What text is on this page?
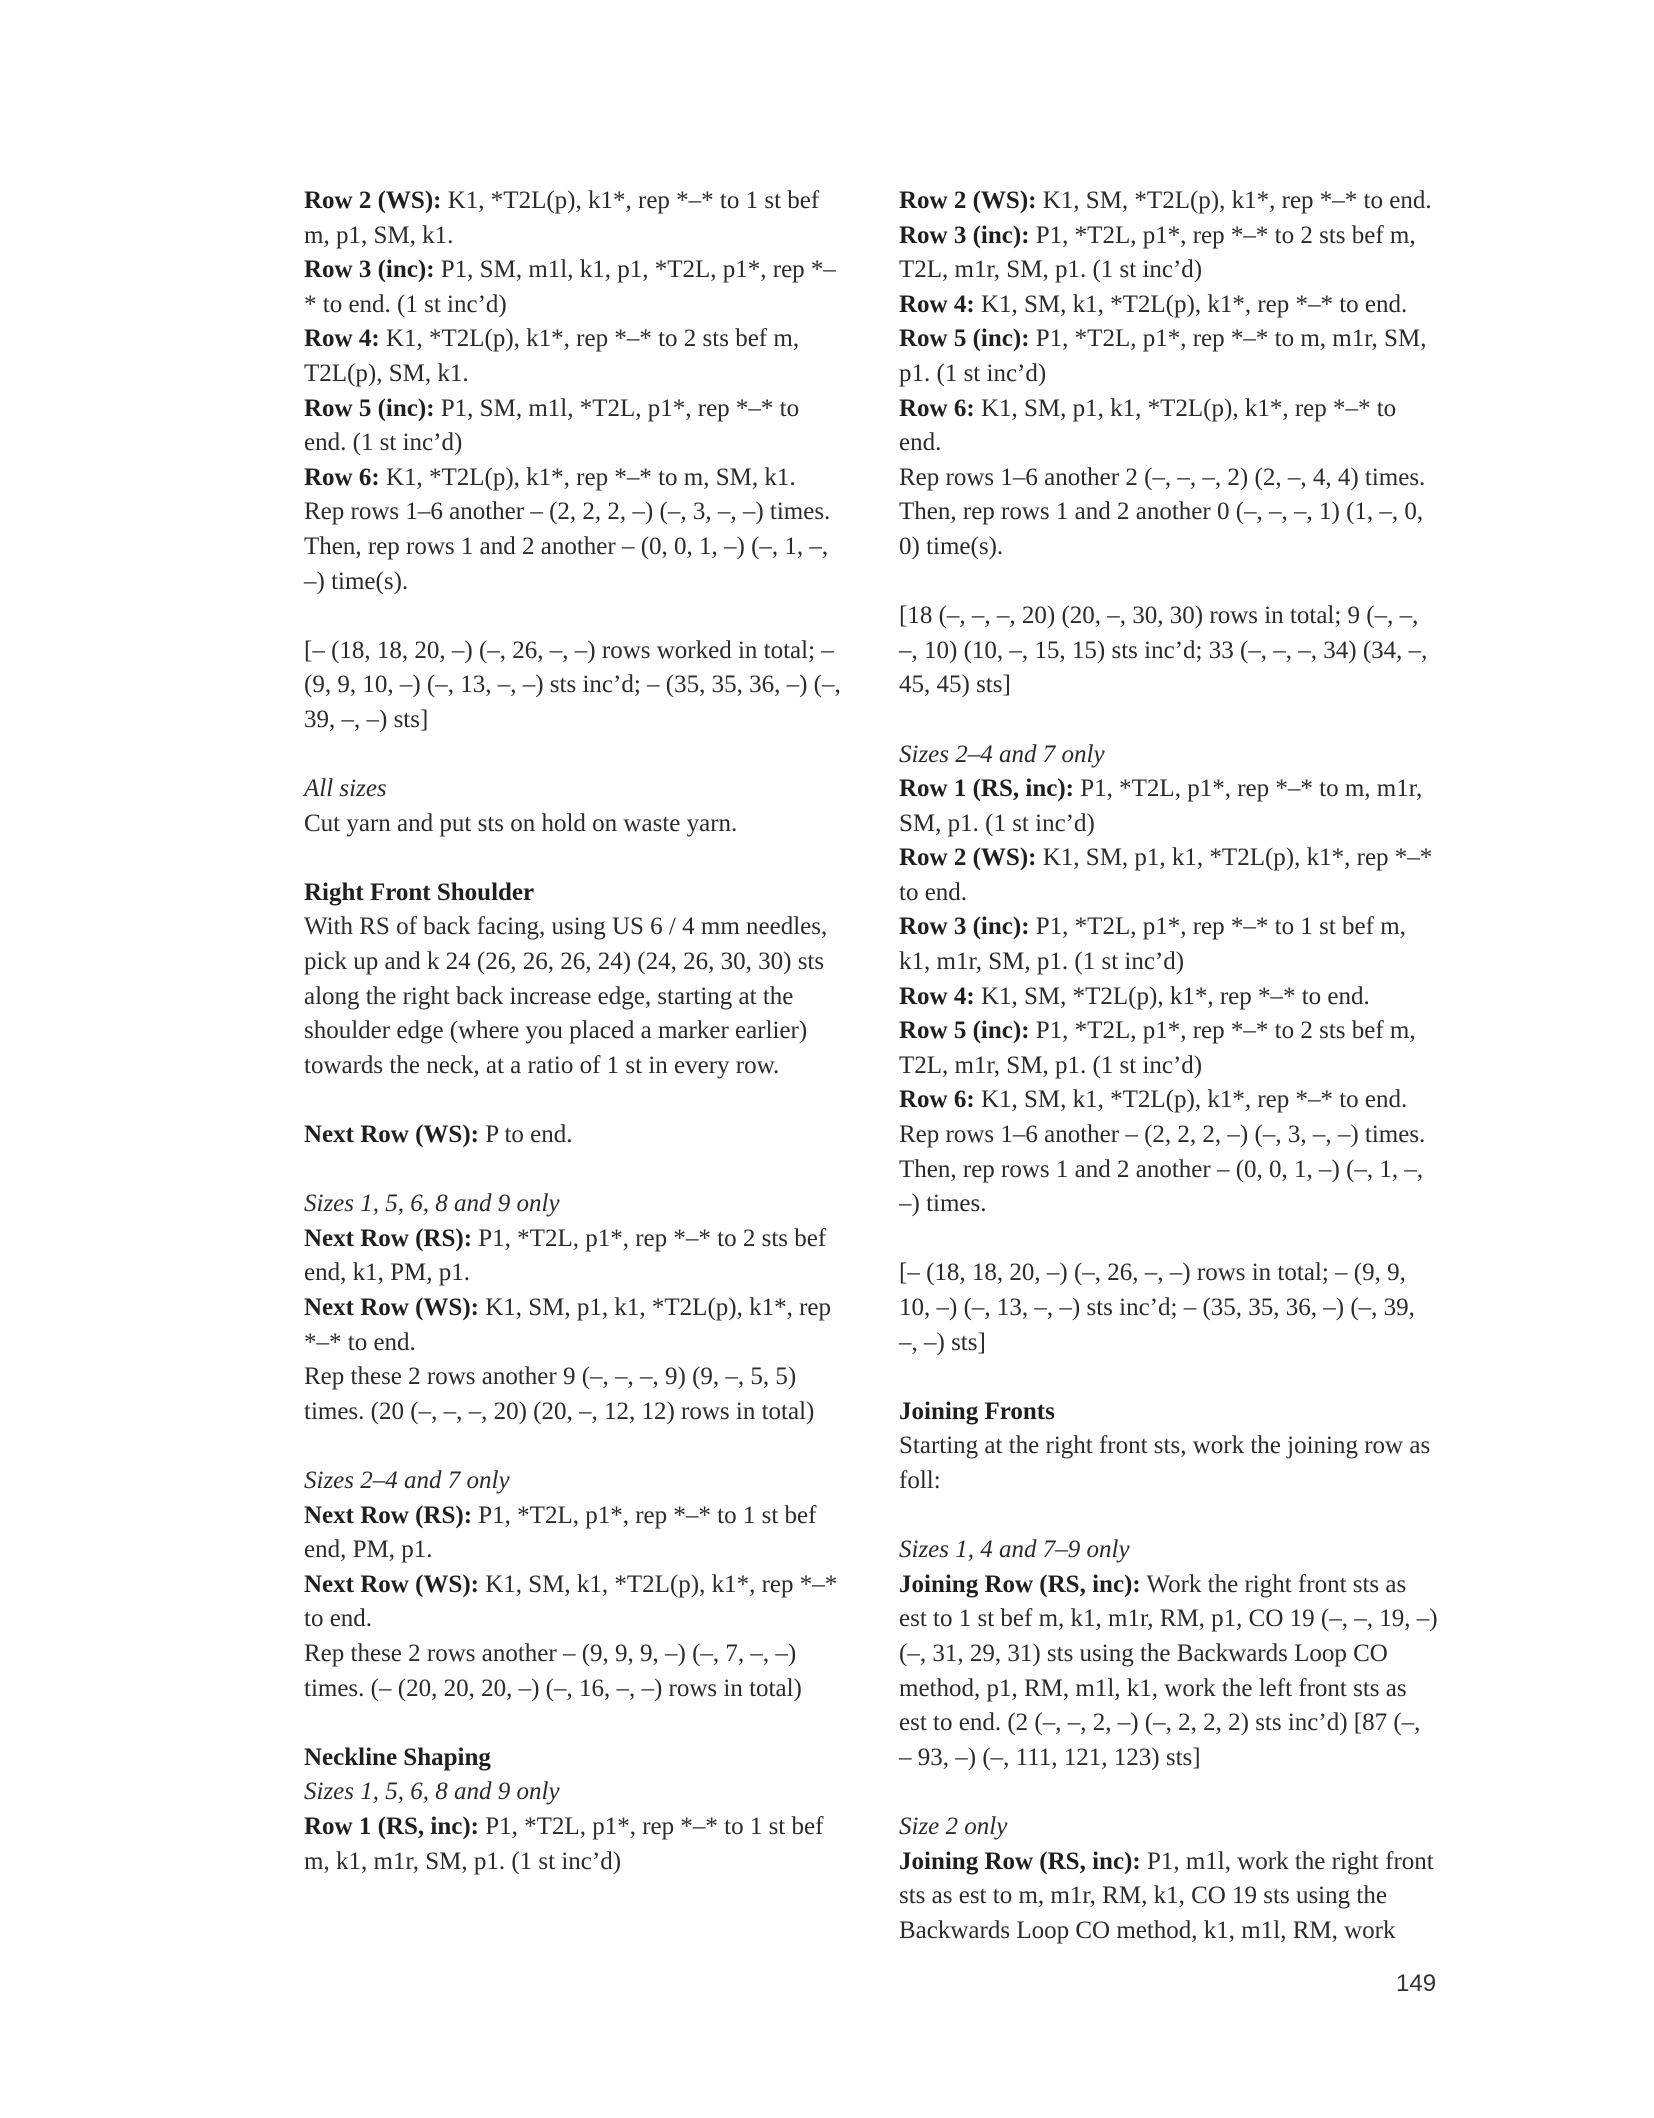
Row 2 (WS): K1, *T2L(p), k1*, rep *–* to 1 st bef m, p1, SM, k1.
Row 3 (inc): P1, SM, m1l, k1, p1, *T2L, p1*, rep *–* to end. (1 st inc’d)
Row 4: K1, *T2L(p), k1*, rep *–* to 2 sts bef m, T2L(p), SM, k1.
Row 5 (inc): P1, SM, m1l, *T2L, p1*, rep *–* to end. (1 st inc’d)
Row 6: K1, *T2L(p), k1*, rep *–* to m, SM, k1.
Rep rows 1–6 another – (2, 2, 2, –) (–, 3, –, –) times.
Then, rep rows 1 and 2 another – (0, 0, 1, –) (–, 1, –, –) time(s).

[– (18, 18, 20, –) (–, 26, –, –) rows worked in total; – (9, 9, 10, –) (–, 13, –, –) sts inc’d; – (35, 35, 36, –) (–, 39, –, –) sts]

All sizes
Cut yarn and put sts on hold on waste yarn.

Right Front Shoulder
With RS of back facing, using US 6 / 4 mm needles, pick up and k 24 (26, 26, 26, 24) (24, 26, 30, 30) sts along the right back increase edge, starting at the shoulder edge (where you placed a marker earlier) towards the neck, at a ratio of 1 st in every row.

Next Row (WS): P to end.

Sizes 1, 5, 6, 8 and 9 only
Next Row (RS): P1, *T2L, p1*, rep *–* to 2 sts bef end, k1, PM, p1.
Next Row (WS): K1, SM, p1, k1, *T2L(p), k1*, rep *–* to end.
Rep these 2 rows another 9 (–, –, –, 9) (9, –, 5, 5) times. (20 (–, –, –, 20) (20, –, 12, 12) rows in total)

Sizes 2–4 and 7 only
Next Row (RS): P1, *T2L, p1*, rep *–* to 1 st bef end, PM, p1.
Next Row (WS): K1, SM, k1, *T2L(p), k1*, rep *–* to end.
Rep these 2 rows another – (9, 9, 9, –) (–, 7, –, –) times. (– (20, 20, 20, –) (–, 16, –, –) rows in total)

Neckline Shaping
Sizes 1, 5, 6, 8 and 9 only
Row 1 (RS, inc): P1, *T2L, p1*, rep *–* to 1 st bef m, k1, m1r, SM, p1. (1 st inc’d)

Row 2 (WS): K1, SM, *T2L(p), k1*, rep *–* to end.
Row 3 (inc): P1, *T2L, p1*, rep *–* to 2 sts bef m, T2L, m1r, SM, p1. (1 st inc’d)
Row 4: K1, SM, k1, *T2L(p), k1*, rep *–* to end.
Row 5 (inc): P1, *T2L, p1*, rep *–* to m, m1r, SM, p1. (1 st inc’d)
Row 6: K1, SM, p1, k1, *T2L(p), k1*, rep *–* to end.
Rep rows 1–6 another 2 (–, –, –, 2) (2, –, 4, 4) times.
Then, rep rows 1 and 2 another 0 (–, –, –, 1) (1, –, 0, 0) time(s).

[18 (–, –, –, 20) (20, –, 30, 30) rows in total; 9 (–, –, –, 10) (10, –, 15, 15) sts inc’d; 33 (–, –, –, 34) (34, –, 45, 45) sts]

Sizes 2–4 and 7 only
Row 1 (RS, inc): P1, *T2L, p1*, rep *–* to m, m1r, SM, p1. (1 st inc’d)
Row 2 (WS): K1, SM, p1, k1, *T2L(p), k1*, rep *–* to end.
Row 3 (inc): P1, *T2L, p1*, rep *–* to 1 st bef m, k1, m1r, SM, p1. (1 st inc’d)
Row 4: K1, SM, *T2L(p), k1*, rep *–* to end.
Row 5 (inc): P1, *T2L, p1*, rep *–* to 2 sts bef m, T2L, m1r, SM, p1. (1 st inc’d)
Row 6: K1, SM, k1, *T2L(p), k1*, rep *–* to end.
Rep rows 1–6 another – (2, 2, 2, –) (–, 3, –, –) times.
Then, rep rows 1 and 2 another – (0, 0, 1, –) (–, 1, –, –) times.

[– (18, 18, 20, –) (–, 26, –, –) rows in total; – (9, 9, 10, –) (–, 13, –, –) sts inc’d; – (35, 35, 36, –) (–, 39, –, –) sts]

Joining Fronts
Starting at the right front sts, work the joining row as foll:

Sizes 1, 4 and 7–9 only
Joining Row (RS, inc): Work the right front sts as est to 1 st bef m, k1, m1r, RM, p1, CO 19 (–, –, 19, –) (–, 31, 29, 31) sts using the Backwards Loop CO method, p1, RM, m1l, k1, work the left front sts as est to end. (2 (–, –, 2, –) (–, 2, 2, 2) sts inc’d) [87 (–, – 93, –) (–, 111, 121, 123) sts]

Size 2 only
Joining Row (RS, inc): P1, m1l, work the right front sts as est to m, m1r, RM, k1, CO 19 sts using the Backwards Loop CO method, k1, m1l, RM, work

149
